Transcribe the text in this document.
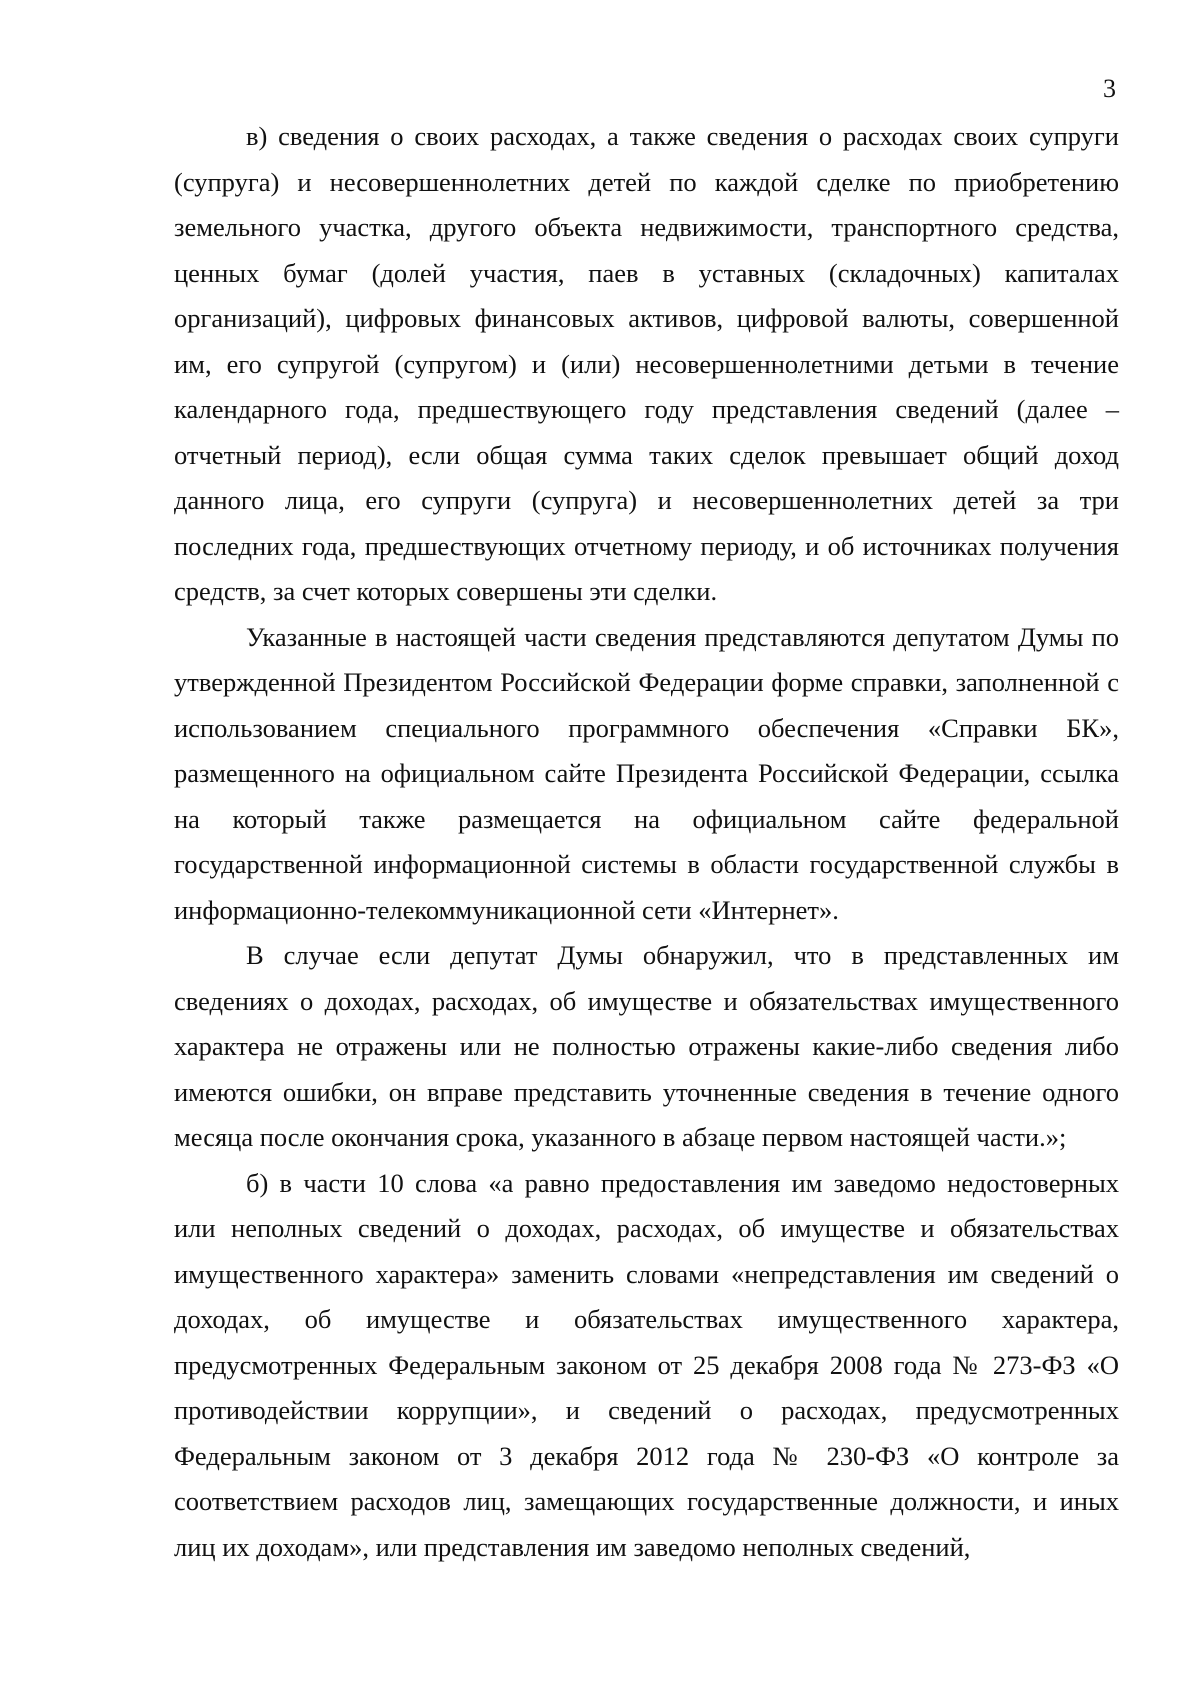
3

в) сведения о своих расходах, а также сведения о расходах своих супруги (супруга) и несовершеннолетних детей по каждой сделке по приобретению земельного участка, другого объекта недвижимости, транспортного средства, ценных бумаг (долей участия, паев в уставных (складочных) капиталах организаций), цифровых финансовых активов, цифровой валюты, совершенной им, его супругой (супругом) и (или) несовершеннолетними детьми в течение календарного года, предшествующего году представления сведений (далее – отчетный период), если общая сумма таких сделок превышает общий доход данного лица, его супруги (супруга) и несовершеннолетних детей за три последних года, предшествующих отчетному периоду, и об источниках получения средств, за счет которых совершены эти сделки.

Указанные в настоящей части сведения представляются депутатом Думы по утвержденной Президентом Российской Федерации форме справки, заполненной с использованием специального программного обеспечения «Справки БК», размещенного на официальном сайте Президента Российской Федерации, ссылка на который также размещается на официальном сайте федеральной государственной информационной системы в области государственной службы в информационно-телекоммуникационной сети «Интернет».

В случае если депутат Думы обнаружил, что в представленных им сведениях о доходах, расходах, об имуществе и обязательствах имущественного характера не отражены или не полностью отражены какие-либо сведения либо имеются ошибки, он вправе представить уточненные сведения в течение одного месяца после окончания срока, указанного в абзаце первом настоящей части.»;

б) в части 10 слова «а равно предоставления им заведомо недостоверных или неполных сведений о доходах, расходах, об имуществе и обязательствах имущественного характера» заменить словами «непредставления им сведений о доходах, об имуществе и обязательствах имущественного характера, предусмотренных Федеральным законом от 25 декабря 2008 года № 273-ФЗ «О противодействии коррупции», и сведений о расходах, предусмотренных Федеральным законом от 3 декабря 2012 года № 230-ФЗ «О контроле за соответствием расходов лиц, замещающих государственные должности, и иных лиц их доходам», или представления им заведомо неполных сведений,
